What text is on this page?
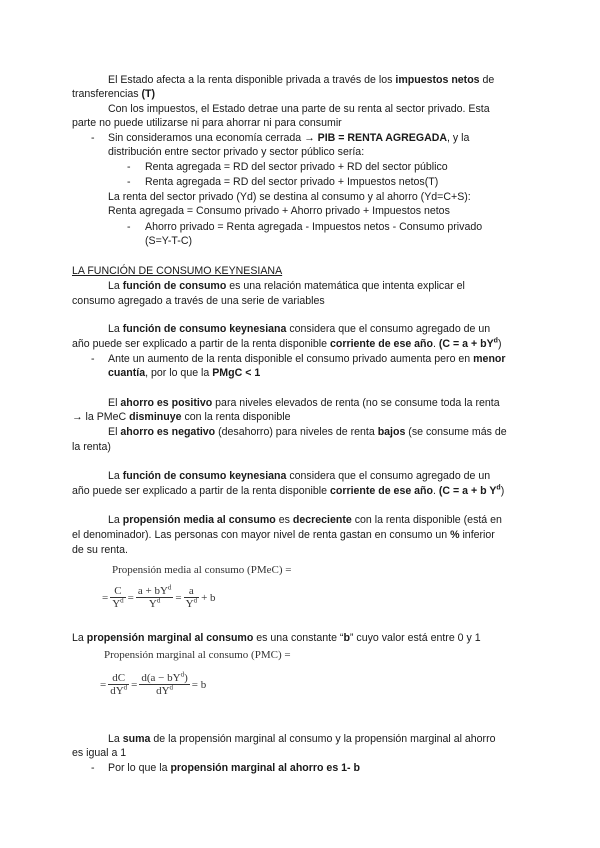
El Estado afecta a la renta disponible privada a través de los impuestos netos de
transferencias (T)
Con los impuestos, el Estado detrae una parte de su renta al sector privado. Esta
parte no puede utilizarse ni para ahorrar ni para consumir
- Sin consideramos una economía cerrada → PIB = RENTA AGREGADA, y la
distribución entre sector privado y sector público sería:
- Renta agregada = RD del sector privado + RD del sector público
- Renta agregada = RD del sector privado + Impuestos netos(T)
La renta del sector privado (Yd) se destina al consumo y al ahorro (Yd=C+S):
Renta agregada = Consumo privado + Ahorro privado + Impuestos netos
- Ahorro privado = Renta agregada - Impuestos netos - Consumo privado
(S=Y-T-C)
LA FUNCIÓN DE CONSUMO KEYNESIANA
La función de consumo es una relación matemática que intenta explicar el
consumo agregado a través de una serie de variables
La función de consumo keynesiana considera que el consumo agregado de un
año puede ser explicado a partir de la renta disponible corriente de ese año. $(C = a + bY^d)$
- Ante un aumento de la renta disponible el consumo privado aumenta pero en menor
cuantía, por lo que la PMgC < 1
El ahorro es positivo para niveles elevados de renta (no se consume toda la renta
→ la PMeC disminuye con la renta disponible
El ahorro es negativo (desahorro) para niveles de renta bajos (se consume más de
la renta)
La función de consumo keynesiana considera que el consumo agregado de un
año puede ser explicado a partir de la renta disponible corriente de ese año. (C = a + b $Y^d$)
La propensión media al consumo es decreciente con la renta disponible (está en
el denominador). Las personas con mayor nivel de renta gastan en consumo un % inferior
de su renta.
Propensión media al consumo (PMeC) =
= $\frac{C}{Y^d} = \frac{a + bY^d}{Y^d} = \frac{a}{Y^d} + b$
La propensión marginal al consumo es una constante “b” cuyo valor está entre 0 y 1
Propensión marginal al consumo (PMC) =
= $\frac{dC}{dY^d} = \frac{d(a - bY^d)}{dY^d} = b$
La suma de la propensión marginal al consumo y la propensión marginal al ahorro
es igual a 1
- Por lo que la propensión marginal al ahorro es 1- b
